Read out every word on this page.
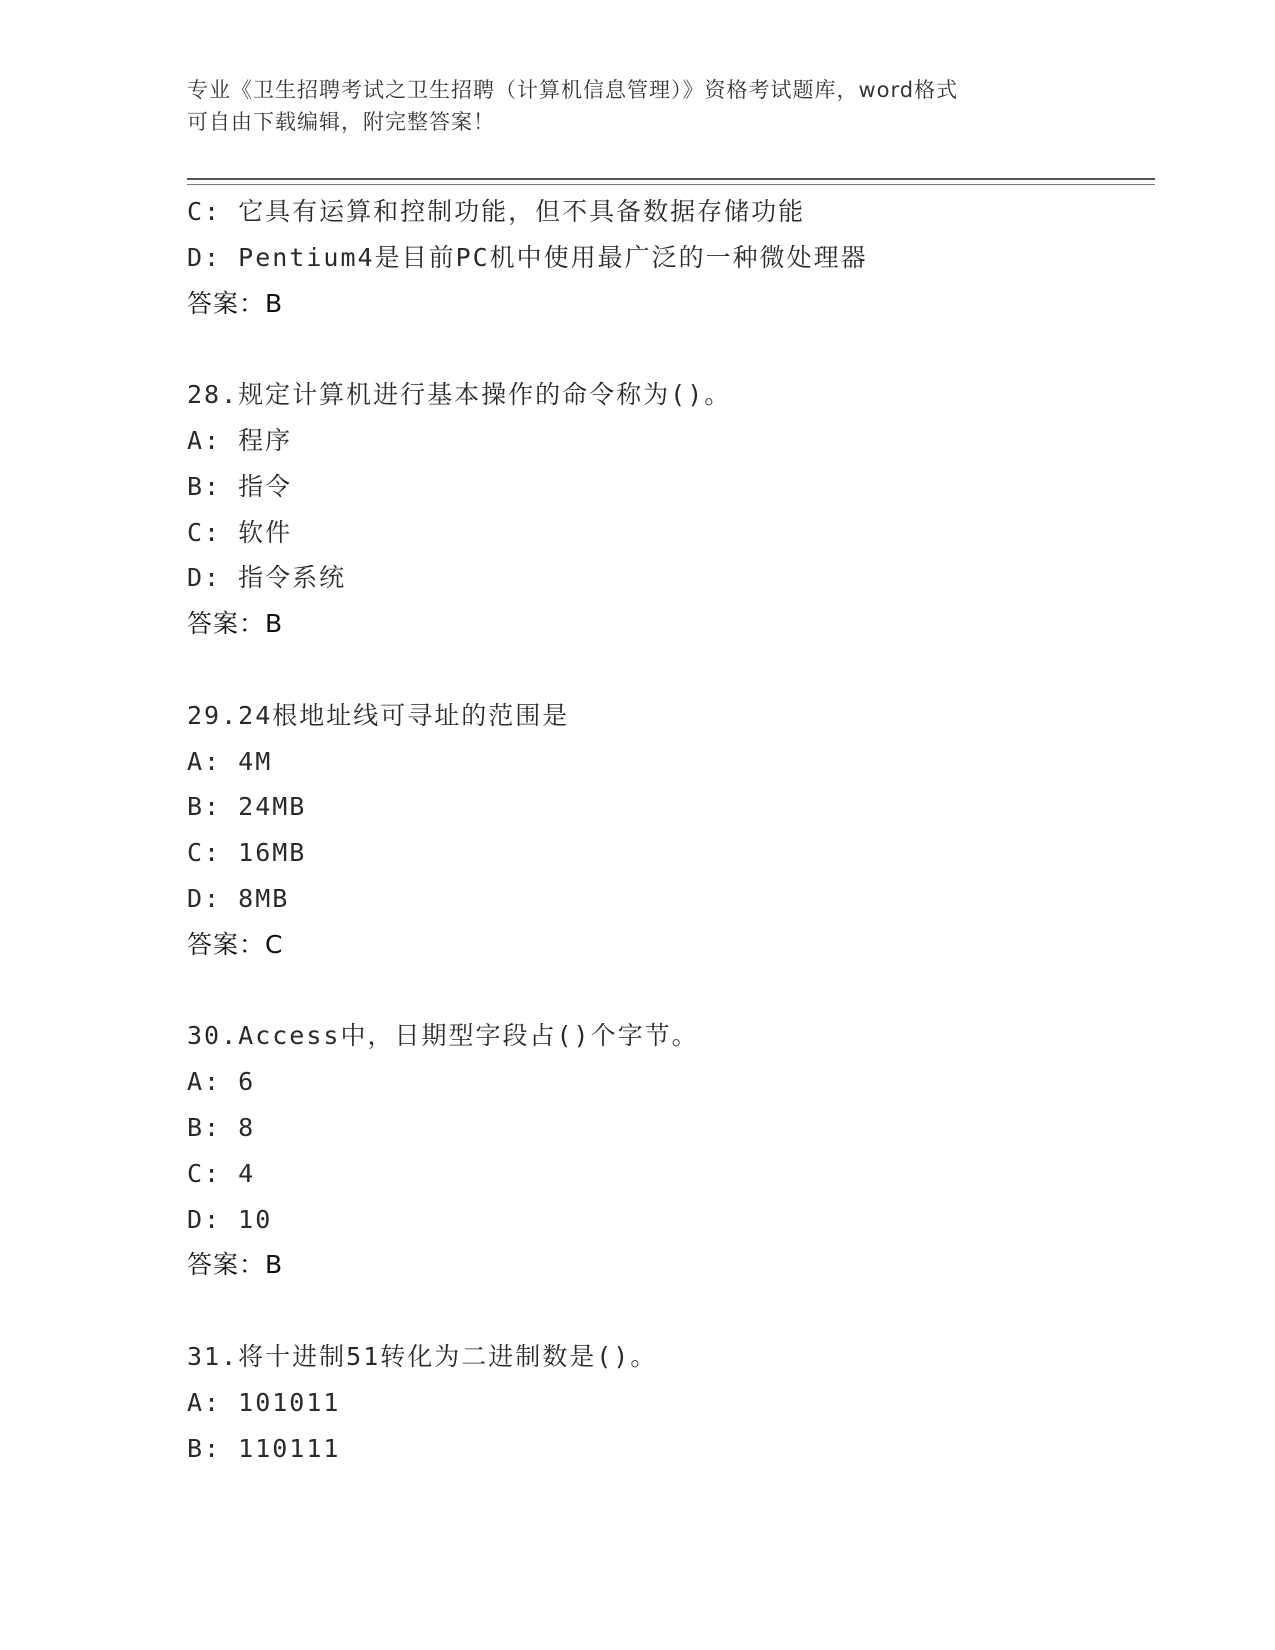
专业《卫生招聘考试之卫生招聘（计算机信息管理）》资格考试题库，word格式
可自由下载编辑，附完整答案！
C: 它具有运算和控制功能，但不具备数据存储功能
D: Pentium4是目前PC机中使用最广泛的一种微处理器
答案：B
28.规定计算机进行基本操作的命令称为()。
A: 程序
B: 指令
C: 软件
D: 指令系统
答案：B
29.24根地址线可寻址的范围是
A: 4M
B: 24MB
C: 16MB
D: 8MB
答案：C
30.Access中，日期型字段占()个字节。
A: 6
B: 8
C: 4
D: 10
答案：B
31.将十进制51转化为二进制数是()。
A: 101011
B: 110111
